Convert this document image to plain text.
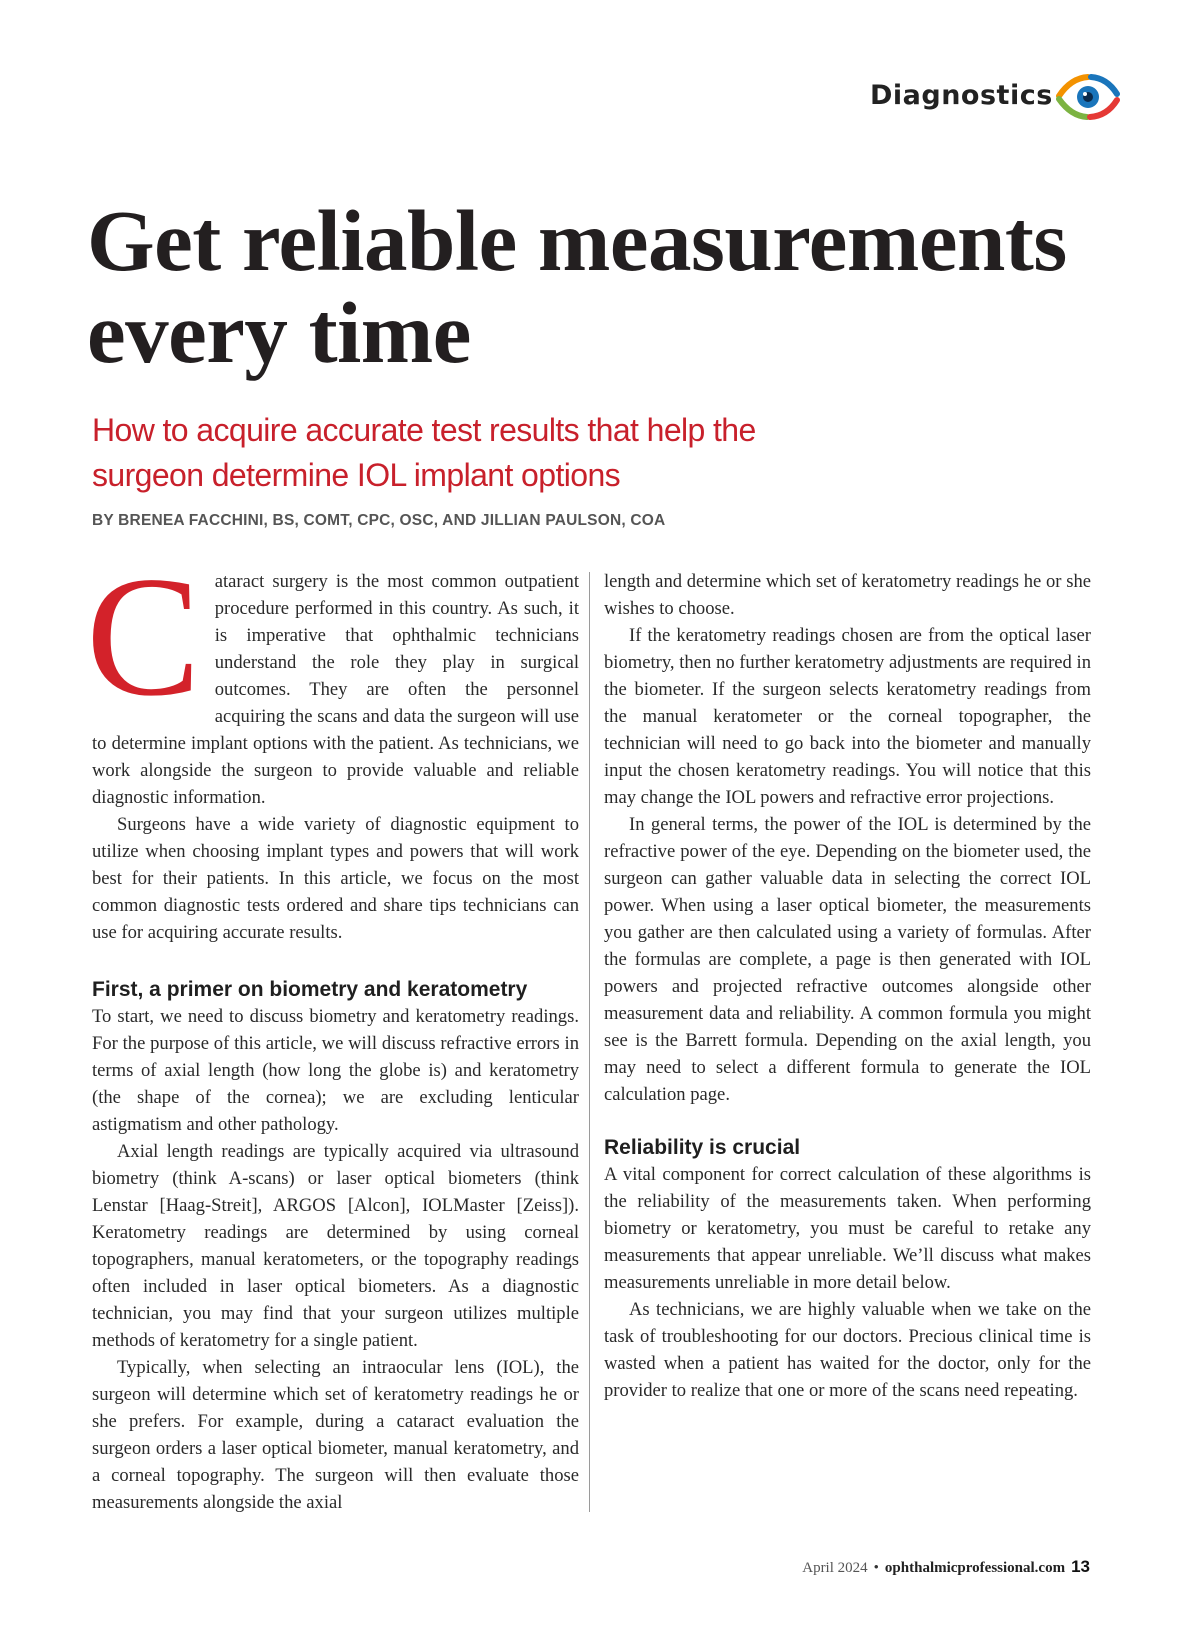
Diagnostics
Get reliable measurements every time

How to acquire accurate test results that help the surgeon determine IOL implant options

BY BRENEA FACCHINI, BS, COMT, CPC, OSC, AND JILLIAN PAULSON, COA

Cataract surgery is the most common outpatient procedure performed in this country. As such, it is imperative that ophthalmic technicians understand the role they play in surgical outcomes. They are often the personnel acquiring the scans and data the surgeon will use to determine implant options with the patient. As technicians, we work alongside the surgeon to provide valuable and reliable diagnostic information.

Surgeons have a wide variety of diagnostic equipment to utilize when choosing implant types and powers that will work best for their patients. In this article, we focus on the most common diagnostic tests ordered and share tips technicians can use for acquiring accurate results.

First, a primer on biometry and keratometry

To start, we need to discuss biometry and keratometry readings. For the purpose of this article, we will discuss refractive errors in terms of axial length (how long the globe is) and keratometry (the shape of the cornea); we are excluding lenticular astigmatism and other pathology.

Axial length readings are typically acquired via ultrasound biometry (think A-scans) or laser optical biometers (think Lenstar [Haag-Streit], ARGOS [Alcon], IOLMaster [Zeiss]). Keratometry readings are determined by using corneal topographers, manual keratometers, or the topography readings often included in laser optical biometers. As a diagnostic technician, you may find that your surgeon utilizes multiple methods of keratometry for a single patient.

Typically, when selecting an intraocular lens (IOL), the surgeon will determine which set of keratometry readings he or she prefers. For example, during a cataract evaluation the surgeon orders a laser optical biometer, manual keratometry, and a corneal topography. The surgeon will then evaluate those measurements alongside the axial

length and determine which set of keratometry readings he or she wishes to choose.

If the keratometry readings chosen are from the optical laser biometry, then no further keratometry adjustments are required in the biometer. If the surgeon selects keratometry readings from the manual keratometer or the corneal topographer, the technician will need to go back into the biometer and manually input the chosen keratometry readings. You will notice that this may change the IOL powers and refractive error projections.

In general terms, the power of the IOL is determined by the refractive power of the eye. Depending on the biometer used, the surgeon can gather valuable data in selecting the correct IOL power. When using a laser optical biometer, the measurements you gather are then calculated using a variety of formulas. After the formulas are complete, a page is then generated with IOL powers and projected refractive outcomes alongside other measurement data and reliability. A common formula you might see is the Barrett formula. Depending on the axial length, you may need to select a different formula to generate the IOL calculation page.

Reliability is crucial

A vital component for correct calculation of these algorithms is the reliability of the measurements taken. When performing biometry or keratometry, you must be careful to retake any measurements that appear unreliable. We’ll discuss what makes measurements unreliable in more detail below.

As technicians, we are highly valuable when we take on the task of troubleshooting for our doctors. Precious clinical time is wasted when a patient has waited for the doctor, only for the provider to realize that one or more of the scans need repeating.

April 2024 • ophthalmicprofessional.com 13
